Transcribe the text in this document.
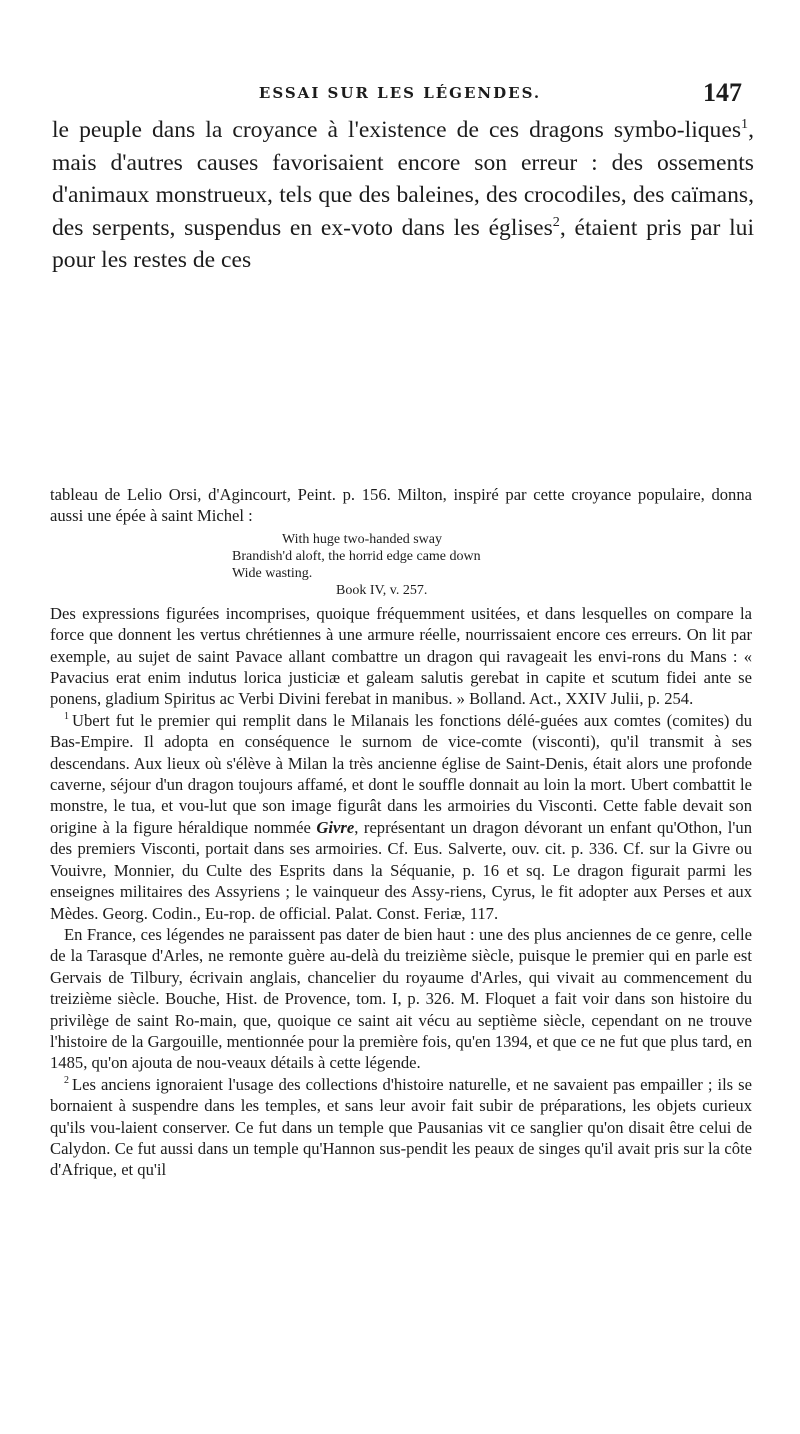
ESSAI SUR LES LÉGENDES.	147
le peuple dans la croyance à l'existence de ces dragons symbo-liques$^1$, mais d'autres causes favorisaient encore son erreur : des ossements d'animaux monstrueux, tels que des baleines, des crocodiles, des caïmans, des serpents, suspendus en ex-voto dans les églises$^2$, étaient pris par lui pour les restes de ces

tableau de Lelio Orsi, d'Agincourt, Peint. p. 156. Milton, inspiré par cette croyance populaire, donna aussi une épée à saint Michel :

With huge two-handed sway
Brandish'd aloft, the horrid edge came down
Wide wasting.
Book IV, v. 257.

Des expressions figurées incomprises, quoique fréquemment usitées, et dans lesquelles on compare la force que donnent les vertus chrétiennes à une armure réelle, nourrissaient encore ces erreurs. On lit par exemple, au sujet de saint Pavace allant combattre un dragon qui ravageait les envi-rons du Mans : « Pavacius erat enim indutus lorica justiciæ et galeam salutis gerebat in capite et scutum fidei ante se ponens, gladium Spiritus ac Verbi Divini ferebat in manibus. » Bolland. Act., XXIV Julii, p. 254.

$^1$ Ubert fut le premier qui remplit dans le Milanais les fonctions délé-guées aux comtes (comites) du Bas-Empire. Il adopta en conséquence le surnom de vice-comte (visconti), qu'il transmit à ses descendans. Aux lieux où s'élève à Milan la très ancienne église de Saint-Denis, était alors une profonde caverne, séjour d'un dragon toujours affamé, et dont le souffle donnait au loin la mort. Ubert combattit le monstre, le tua, et vou-lut que son image figurât dans les armoiries du Visconti. Cette fable devait son origine à la figure héraldique nommée Givre, représentant un dragon dévorant un enfant qu'Othon, l'un des premiers Visconti, portait dans ses armoiries. Cf. Eus. Salverte, ouv. cit. p. 336. Cf. sur la Givre ou Vouivre, Monnier, du Culte des Esprits dans la Séquanie, p. 16 et sq. Le dragon figurait parmi les enseignes militaires des Assyriens ; le vainqueur des Assy-riens, Cyrus, le fit adopter aux Perses et aux Mèdes. Georg. Codin., Eu-rop. de official. Palat. Const. Feriæ, 117.

En France, ces légendes ne paraissent pas dater de bien haut : une des plus anciennes de ce genre, celle de la Tarasque d'Arles, ne remonte guère au-delà du treizième siècle, puisque le premier qui en parle est Gervais de Tilbury, écrivain anglais, chancelier du royaume d'Arles, qui vivait au commencement du treizième siècle. Bouche, Hist. de Provence, tom. I, p. 326. M. Floquet a fait voir dans son histoire du privilège de saint Ro-main, que, quoique ce saint ait vécu au septième siècle, cependant on ne trouve l'histoire de la Gargouille, mentionnée pour la première fois, qu'en 1394, et que ce ne fut que plus tard, en 1485, qu'on ajouta de nou-veaux détails à cette légende.

$^2$ Les anciens ignoraient l'usage des collections d'histoire naturelle, et ne savaient pas empailler ; ils se bornaient à suspendre dans les temples, et sans leur avoir fait subir de préparations, les objets curieux qu'ils vou-laient conserver. Ce fut dans un temple que Pausanias vit ce sanglier qu'on disait être celui de Calydon. Ce fut aussi dans un temple qu'Hannon sus-pendit les peaux de singes qu'il avait pris sur la côte d'Afrique, et qu'il
